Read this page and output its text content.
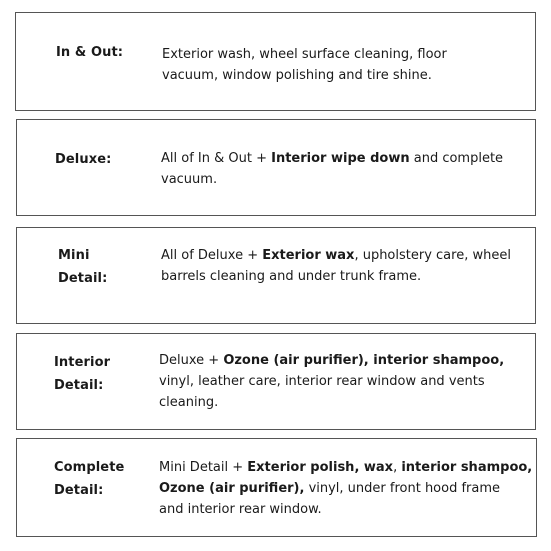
In & Out:	Exterior wash, wheel surface cleaning, floor
vacuum, window polishing and tire shine.
Deluxe:	All of In & Out + Interior wipe down and complete
vacuum.
Mini
Detail:
All of Deluxe + Exterior wax, upholstery care, wheel
barrels cleaning and under trunk frame.
Interior
Detail:
Deluxe + Ozone (air purifier), interior shampoo,
vinyl, leather care, interior rear window and vents
cleaning.
Complete
Detail:
Mini Detail + Exterior polish, wax, interior shampoo,
Ozone (air purifier), vinyl, under front hood frame
and interior rear window.
